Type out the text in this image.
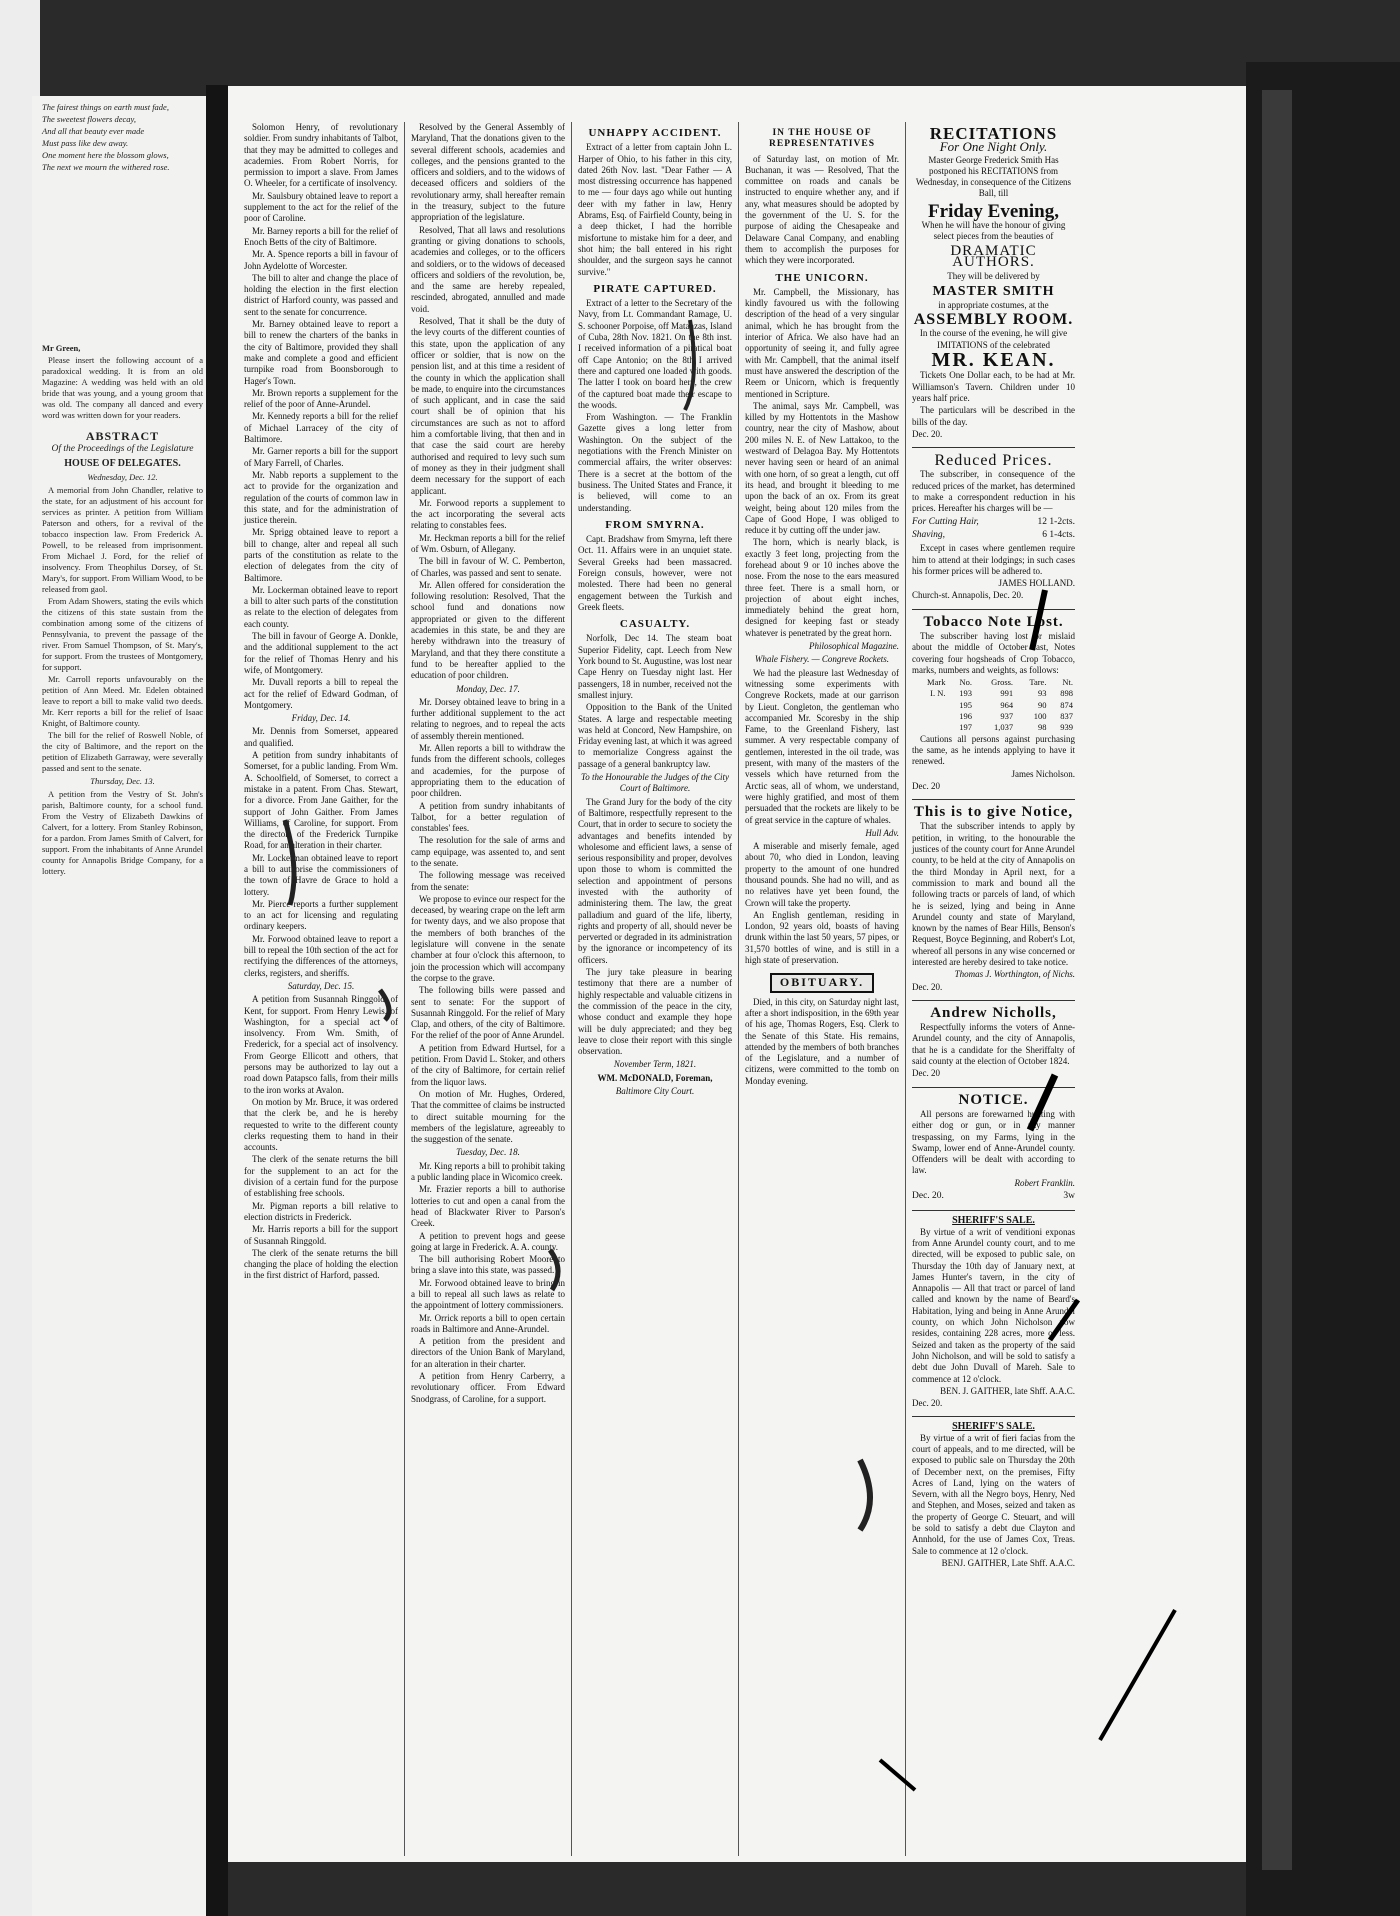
The fairest things on earth must fade,

The sweetest flowers decay,

And all that beauty ever made

Must pass like dew away.

One moment here the blossom glows,

The next we mourn the withered rose.

Mr Green,

Please insert the following account of a paradoxical wedding. It is from an old Magazine: A wedding was held with an old bride that was young, and a young groom that was old. The company all danced and every word was written down for your readers.

ABSTRACT
Of the Proceedings of the Legislature
HOUSE OF DELEGATES.

Wednesday, Dec. 12.

A memorial from John Chandler, relative to the state, for an adjustment of his account for services as printer. A petition from William Paterson and others, for a revival of the tobacco inspection law. From Frederick A. Powell, to be released from imprisonment. From Michael J. Ford, for the relief of insolvency. From Theophilus Dorsey, of St. Mary's, for support. From William Wood, to be released from gaol.

From Adam Showers, stating the evils which the citizens of this state sustain from the combination among some of the citizens of Pennsylvania, to prevent the passage of the river. From Samuel Thompson, of St. Mary's, for support. From the trustees of Montgomery, for support.

Mr. Carroll reports unfavourably on the petition of Ann Meed. Mr. Edelen obtained leave to report a bill to make valid two deeds. Mr. Kerr reports a bill for the relief of Isaac Knight, of Baltimore county.

The bill for the relief of Roswell Noble, of the city of Baltimore, and the report on the petition of Elizabeth Garraway, were severally passed and sent to the senate.

Thursday, Dec. 13.

A petition from the Vestry of St. John's parish, Baltimore county, for a school fund. From the Vestry of Elizabeth Dawkins of Calvert, for a lottery. From Stanley Robinson, for a pardon. From James Smith of Calvert, for support. From the inhabitants of Anne Arundel county for Annapolis Bridge Company, for a lottery.

Solomon Henry, of revolutionary soldier. From sundry inhabitants of Talbot, that they may be admitted to colleges and academies. From Robert Norris, for permission to import a slave. From James O. Wheeler, for a certificate of insolvency.

Mr. Saulsbury obtained leave to report a supplement to the act for the relief of the poor of Caroline.

Mr. Barney reports a bill for the relief of Enoch Betts of the city of Baltimore.

Mr. A. Spence reports a bill in favour of John Aydelotte of Worcester.

The bill to alter and change the place of holding the election in the first election district of Harford county, was passed and sent to the senate for concurrence.

Mr. Barney obtained leave to report a bill to renew the charters of the banks in the city of Baltimore, provided they shall make and complete a good and efficient turnpike road from Boonsborough to Hager's Town.

Mr. Brown reports a supplement for the relief of the poor of Anne-Arundel.

Mr. Kennedy reports a bill for the relief of Michael Larracey of the city of Baltimore.

Mr. Garner reports a bill for the support of Mary Farrell, of Charles.

Mr. Nabb reports a supplement to the act to provide for the organization and regulation of the courts of common law in this state, and for the administration of justice therein.

Mr. Sprigg obtained leave to report a bill to change, alter and repeal all such parts of the constitution as relate to the election of delegates from the city of Baltimore.

Mr. Lockerman obtained leave to report a bill to alter such parts of the constitution as relate to the election of delegates from each county.

The bill in favour of George A. Donkle, and the additional supplement to the act for the relief of Thomas Henry and his wife, of Montgomery.

Mr. Duvall reports a bill to repeal the act for the relief of Edward Godman, of Montgomery.

Friday, Dec. 14.

Mr. Dennis from Somerset, appeared and qualified.

A petition from sundry inhabitants of Somerset, for a public landing. From Wm. A. Schoolfield, of Somerset, to correct a mistake in a patent. From Chas. Stewart, for a divorce. From Jane Gaither, for the support of John Gaither. From James Williams, of Caroline, for support. From the directors of the Frederick Turnpike Road, for an alteration in their charter.

Mr. Lockerman obtained leave to report a bill to authorise the commissioners of the town of Havre de Grace to hold a lottery.

Mr. Pierce reports a further supplement to an act for licensing and regulating ordinary keepers.

Mr. Forwood obtained leave to report a bill to repeal the 10th section of the act for rectifying the differences of the attorneys, clerks, registers, and sheriffs.

Saturday, Dec. 15.

A petition from Susannah Ringgold, of Kent, for support. From Henry Lewis, of Washington, for a special act of insolvency. From Wm. Smith, of Frederick, for a special act of insolvency. From George Ellicott and others, that persons may be authorized to lay out a road down Patapsco falls, from their mills to the iron works at Avalon.

On motion by Mr. Bruce, it was ordered that the clerk be, and he is hereby requested to write to the different county clerks requesting them to hand in their accounts.

The clerk of the senate returns the bill for the supplement to an act for the division of a certain fund for the purpose of establishing free schools.

Mr. Pigman reports a bill relative to election districts in Frederick.

Mr. Harris reports a bill for the support of Susannah Ringgold.

The clerk of the senate returns the bill changing the place of holding the election in the first district of Harford, passed.

Resolved by the General Assembly of Maryland, That the donations given to the several different schools, academies and colleges, and the pensions granted to the officers and soldiers, and to the widows of deceased officers and soldiers of the revolutionary army, shall hereafter remain in the treasury, subject to the future appropriation of the legislature.

Resolved, That all laws and resolutions granting or giving donations to schools, academies and colleges, or to the officers and soldiers, or to the widows of deceased officers and soldiers of the revolution, be, and the same are hereby repealed, rescinded, abrogated, annulled and made void.

Resolved, That it shall be the duty of the levy courts of the different counties of this state, upon the application of any officer or soldier, that is now on the pension list, and at this time a resident of the county in which the application shall be made, to enquire into the circumstances of such applicant, and in case the said court shall be of opinion that his circumstances are such as not to afford him a comfortable living, that then and in that case the said court are hereby authorised and required to levy such sum of money as they in their judgment shall deem necessary for the support of each applicant.

Mr. Forwood reports a supplement to the act incorporating the several acts relating to constables fees.

Mr. Heckman reports a bill for the relief of Wm. Osburn, of Allegany.

The bill in favour of W. C. Pemberton, of Charles, was passed and sent to senate.

Mr. Allen offered for consideration the following resolution: Resolved, That the school fund and donations now appropriated or given to the different academies in this state, be and they are hereby withdrawn into the treasury of Maryland, and that they there constitute a fund to be hereafter applied to the education of poor children.

Monday, Dec. 17.

Mr. Dorsey obtained leave to bring in a further additional supplement to the act relating to negroes, and to repeal the acts of assembly therein mentioned.

Mr. Allen reports a bill to withdraw the funds from the different schools, colleges and academies, for the purpose of appropriating them to the education of poor children.

A petition from sundry inhabitants of Talbot, for a better regulation of constables' fees.

The resolution for the sale of arms and camp equipage, was assented to, and sent to the senate.

The following message was received from the senate:

We propose to evince our respect for the deceased, by wearing crape on the left arm for twenty days, and we also propose that the members of both branches of the legislature will convene in the senate chamber at four o'clock this afternoon, to join the procession which will accompany the corpse to the grave.

The following bills were passed and sent to senate: For the support of Susannah Ringgold. For the relief of Mary Clap, and others, of the city of Baltimore. For the relief of the poor of Anne Arundel.

A petition from Edward Hurtsel, for a petition. From David L. Stoker, and others of the city of Baltimore, for certain relief from the liquor laws.

On motion of Mr. Hughes, Ordered, That the committee of claims be instructed to direct suitable mourning for the members of the legislature, agreeably to the suggestion of the senate.

Tuesday, Dec. 18.

Mr. King reports a bill to prohibit taking a public landing place in Wicomico creek.

Mr. Frazier reports a bill to authorise lotteries to cut and open a canal from the head of Blackwater River to Parson's Creek.

A petition to prevent hogs and geese going at large in Frederick. A. A. county.

The bill authorising Robert Moore to bring a slave into this state, was passed.

Mr. Forwood obtained leave to bring in a bill to repeal all such laws as relate to the appointment of lottery commissioners.

Mr. Orrick reports a bill to open certain roads in Baltimore and Anne-Arundel.

A petition from the president and directors of the Union Bank of Maryland, for an alteration in their charter.

A petition from Henry Carberry, a revolutionary officer. From Edward Snodgrass, of Caroline, for a support.

UNHAPPY ACCIDENT.

Extract of a letter from captain John L. Harper of Ohio, to his father in this city, dated 26th Nov. last. "Dear Father — A most distressing occurrence has happened to me — four days ago while out hunting deer with my father in law, Henry Abrams, Esq. of Fairfield County, being in a deep thicket, I had the horrible misfortune to mistake him for a deer, and shot him; the ball entered in his right shoulder, and the surgeon says he cannot survive."

PIRATE CAPTURED.

Extract of a letter to the Secretary of the Navy, from Lt. Commandant Ramage, U. S. schooner Porpoise, off Matanzas, Island of Cuba, 28th Nov. 1821. On the 8th inst. I received information of a piratical boat off Cape Antonio; on the 8th I arrived there and captured one loaded with goods. The latter I took on board here, the crew of the captured boat made their escape to the woods.

From Washington. — The Franklin Gazette gives a long letter from Washington. On the subject of the negotiations with the French Minister on commercial affairs, the writer observes: There is a secret at the bottom of the business. The United States and France, it is believed, will come to an understanding.

FROM SMYRNA.

Capt. Bradshaw from Smyrna, left there Oct. 11. Affairs were in an unquiet state. Several Greeks had been massacred. Foreign consuls, however, were not molested. There had been no general engagement between the Turkish and Greek fleets.

CASUALTY.

Norfolk, Dec 14. The steam boat Superior Fidelity, capt. Leech from New York bound to St. Augustine, was lost near Cape Henry on Tuesday night last. Her passengers, 18 in number, received not the smallest injury.

Opposition to the Bank of the United States. A large and respectable meeting was held at Concord, New Hampshire, on Friday evening last, at which it was agreed to memorialize Congress against the passage of a general bankruptcy law.

To the Honourable the Judges of the City Court of Baltimore.

The Grand Jury for the body of the city of Baltimore, respectfully represent to the Court, that in order to secure to society the advantages and benefits intended by wholesome and efficient laws, a sense of serious responsibility and proper, devolves upon those to whom is committed the selection and appointment of persons invested with the authority of administering them. The law, the great palladium and guard of the life, liberty, rights and property of all, should never be perverted or degraded in its administration by the ignorance or incompetency of its officers.

The jury take pleasure in bearing testimony that there are a number of highly respectable and valuable citizens in the commission of the peace in the city, whose conduct and example they hope will be duly appreciated; and they beg leave to close their report with this single observation.

November Term, 1821.

WM. McDONALD, Foreman,

Baltimore City Court.

IN THE HOUSE OF REPRESENTATIVES

of Saturday last, on motion of Mr. Buchanan, it was — Resolved, That the committee on roads and canals be instructed to enquire whether any, and if any, what measures should be adopted by the government of the U. S. for the purpose of aiding the Chesapeake and Delaware Canal Company, and enabling them to accomplish the purposes for which they were incorporated.

THE UNICORN.

Mr. Campbell, the Missionary, has kindly favoured us with the following description of the head of a very singular animal, which he has brought from the interior of Africa. We also have had an opportunity of seeing it, and fully agree with Mr. Campbell, that the animal itself must have answered the description of the Reem or Unicorn, which is frequently mentioned in Scripture.

The animal, says Mr. Campbell, was killed by my Hottentots in the Mashow country, near the city of Mashow, about 200 miles N. E. of New Lattakoo, to the westward of Delagoa Bay. My Hottentots never having seen or heard of an animal with one horn, of so great a length, cut off its head, and brought it bleeding to me upon the back of an ox. From its great weight, being about 120 miles from the Cape of Good Hope, I was obliged to reduce it by cutting off the under jaw.

The horn, which is nearly black, is exactly 3 feet long, projecting from the forehead about 9 or 10 inches above the nose. From the nose to the ears measured three feet. There is a small horn, or projection of about eight inches, immediately behind the great horn, designed for keeping fast or steady whatever is penetrated by the great horn.

Philosophical Magazine.

Whale Fishery. — Congreve Rockets.

We had the pleasure last Wednesday of witnessing some experiments with Congreve Rockets, made at our garrison by Lieut. Congleton, the gentleman who accompanied Mr. Scoresby in the ship Fame, to the Greenland Fishery, last summer. A very respectable company of gentlemen, interested in the oil trade, was present, with many of the masters of the vessels which have returned from the Arctic seas, all of whom, we understand, were highly gratified, and most of them persuaded that the rockets are likely to be of great service in the capture of whales.

Hull Adv.

A miserable and miserly female, aged about 70, who died in London, leaving property to the amount of one hundred thousand pounds. She had no will, and as no relatives have yet been found, the Crown will take the property.

An English gentleman, residing in London, 92 years old, boasts of having drunk within the last 50 years, 57 pipes, or 31,570 bottles of wine, and is still in a high state of preservation.

OBITUARY.

Died, in this city, on Saturday night last, after a short indisposition, in the 69th year of his age, Thomas Rogers, Esq. Clerk to the Senate of this State. His remains, attended by the members of both branches of the Legislature, and a number of citizens, were committed to the tomb on Monday evening.

RECITATIONS
For One Night Only.

Master George Frederick Smith Has postponed his RECITATIONS from Wednesday, in consequence of the Citizens Ball, till

Friday Evening,

When he will have the honour of giving select pieces from the beauties of

DRAMATIC AUTHORS.

They will be delivered by

MASTER SMITH

in appropriate costumes, at the

ASSEMBLY ROOM.

In the course of the evening, he will give IMITATIONS of the celebrated

MR. KEAN.

Tickets One Dollar each, to be had at Mr. Williamson's Tavern. Children under 10 years half price.

The particulars will be described in the bills of the day.

Dec. 20.

Reduced Prices.

The subscriber, in consequence of the reduced prices of the market, has determined to make a correspondent reduction in his prices. Hereafter his charges will be —

For Cutting Hair,	12 1-2cts.
Shaving,	6 1-4cts.

Except in cases where gentlemen require him to attend at their lodgings; in such cases his former prices will be adhered to.

JAMES HOLLAND.

Church-st. Annapolis, Dec. 20.

Tobacco Note Lost.

The subscriber having lost or mislaid about the middle of October last, Notes covering four hogsheads of Crop Tobacco, marks, numbers and weights, as follows:

Mark	No.	Gross.	Tare.	Nt.
I. N.	193	991	93	898
	195	964	90	874
	196	937	100	837
	197	1,037	98	939

Cautions all persons against purchasing the same, as he intends applying to have it renewed.

James Nicholson.

Dec. 20

This is to give Notice,

That the subscriber intends to apply by petition, in writing, to the honourable the justices of the county court for Anne Arundel county, to be held at the city of Annapolis on the third Monday in April next, for a commission to mark and bound all the following tracts or parcels of land, of which he is seized, lying and being in Anne Arundel county and state of Maryland, known by the names of Bear Hills, Benson's Request, Boyce Beginning, and Robert's Lot, whereof all persons in any wise concerned or interested are hereby desired to take notice.

Thomas J. Worthington, of Nichs.

Dec. 20.

Andrew Nicholls,

Respectfully informs the voters of Anne-Arundel county, and the city of Annapolis, that he is a candidate for the Sheriffalty of said county at the election of October 1824.

Dec. 20

NOTICE.

All persons are forewarned hunting with either dog or gun, or in any manner trespassing, on my Farms, lying in the Swamp, lower end of Anne-Arundel county. Offenders will be dealt with according to law.

Robert Franklin.

Dec. 20.	3w
SHERIFF'S SALE.

By virtue of a writ of venditioni exponas from Anne Arundel county court, and to me directed, will be exposed to public sale, on Thursday the 10th day of January next, at James Hunter's tavern, in the city of Annapolis — All that tract or parcel of land called and known by the name of Beard's Habitation, lying and being in Anne Arundel county, on which John Nicholson now resides, containing 228 acres, more or less. Seized and taken as the property of the said John Nicholson, and will be sold to satisfy a debt due John Duvall of Mareh. Sale to commence at 12 o'clock.

BEN. J. GAITHER, late Shff. A.A.C.

Dec. 20.

SHERIFF'S SALE.

By virtue of a writ of fieri facias from the court of appeals, and to me directed, will be exposed to public sale on Thursday the 20th of December next, on the premises, Fifty Acres of Land, lying on the waters of Severn, with all the Negro boys, Henry, Ned and Stephen, and Moses, seized and taken as the property of George C. Steuart, and will be sold to satisfy a debt due Clayton and Annhold, for the use of James Cox, Treas. Sale to commence at 12 o'clock.

BENJ. GAITHER, Late Shff. A.A.C.
